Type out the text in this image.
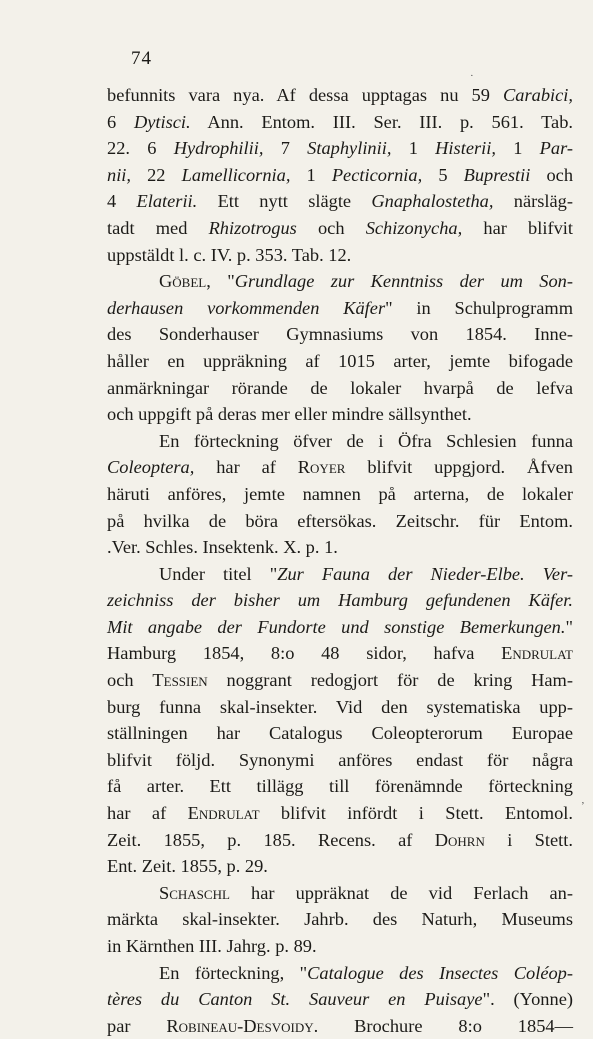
74
befunnits vara nya. Af dessa upptagas nu 59 Carabici,
6 Dytisci. Ann. Entom. III. Ser. III. p. 561. Tab.
22. 6 Hydrophilii, 7 Staphylinii, 1 Histerii, 1 Par-
nii, 22 Lamellicornia, 1 Pecticornia, 5 Buprestii och
4 Elaterii. Ett nytt slägte Gnaphalostetha, närsläg-
tadt med Rhizotrogus och Schizonycha, har blifvit
uppstäldt l. c. IV. p. 353. Tab. 12.
Göbel, "Grundlage zur Kenntniss der um Son-
derhausen vorkommenden Käfer" in Schulprogramm
des Sonderhauser Gymnasiums von 1854. Inne-
håller en uppräkning af 1015 arter, jemte bifogade
anmärkningar rörande de lokaler hvarpå de lefva
och uppgift på deras mer eller mindre sällsynthet.
En förteckning öfver de i Öfra Schlesien funna
Coleoptera, har af Royer blifvit uppgjord. Åfven
häruti anföres, jemte namnen på arterna, de lokaler
på hvilka de böra eftersökas. Zeitschr. für Entom.
.Ver. Schles. Insektenk. X. p. 1.
Under titel "Zur Fauna der Nieder-Elbe. Ver-
zeichniss der bisher um Hamburg gefundenen Käfer.
Mit angabe der Fundorte und sonstige Bemerkungen."
Hamburg 1854, 8:o 48 sidor, hafva Endrulat
och Tessien noggrant redogjort för de kring Ham-
burg funna skal-insekter. Vid den systematiska upp-
ställningen har Catalogus Coleopterorum Europae
blifvit följd. Synonymi anföres endast för några
få arter. Ett tillägg till förenämnde förteckning
har af Endrulat blifvit infördt i Stett. Entomol.
Zeit. 1855, p. 185. Recens. af Dohrn i Stett.
Ent. Zeit. 1855, p. 29.
Schaschl har uppräknat de vid Ferlach an-
märkta skal-insekter. Jahrb. des Naturh, Museums
in Kärnthen III. Jahrg. p. 89.
En förteckning, "Catalogue des Insectes Coléop-
tères du Canton St. Sauveur en Puisaye". (Yonne)
par Robineau-Desvoidy. Brochure 8:o 1854—
·
ʼ
